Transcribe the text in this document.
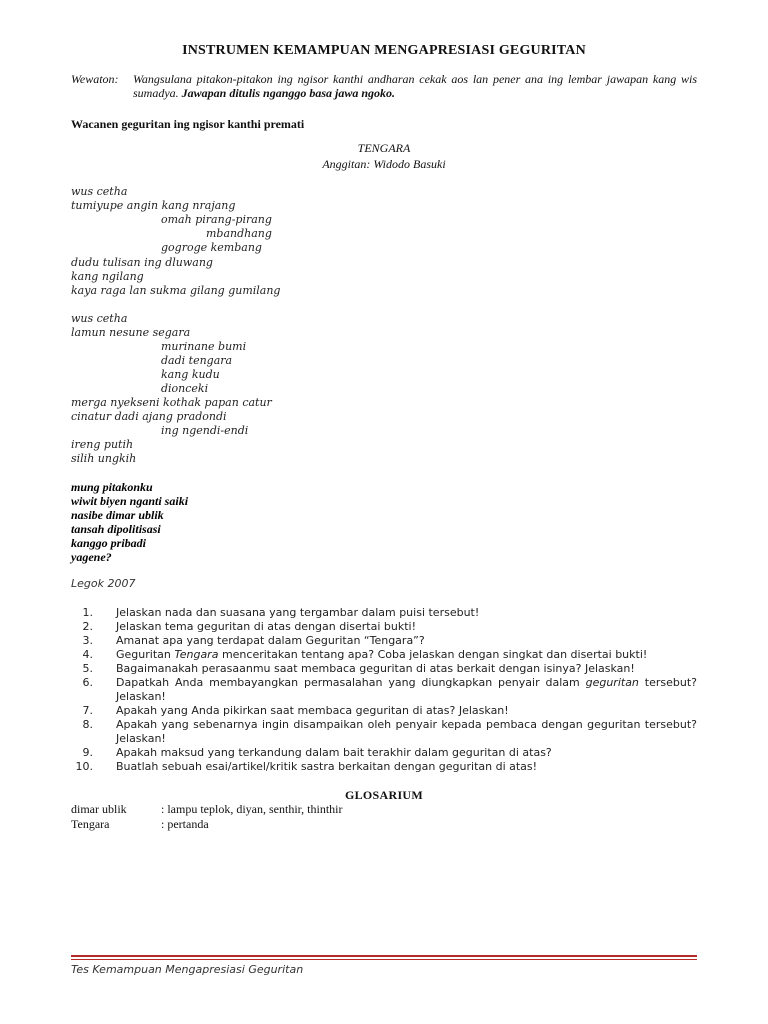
INSTRUMEN KEMAMPUAN MENGAPRESIASI GEGURITAN
Wewaton: Wangsulana pitakon-pitakon ing ngisor kanthi andharan cekak aos lan pener ana ing lembar jawapan kang wis sumadya. Jawapan ditulis nganggo basa jawa ngoko.
Wacanen geguritan ing ngisor kanthi premati
TENGARA
Anggitan: Widodo Basuki
wus cetha
tumiyupe angin kang nrajang
omah pirang-pirang
mbandhang
gogroge kembang
dudu tulisan ing dluwang
kang ngilang
kaya raga lan sukma gilang gumilang
wus cetha
lamun nesune segara
murinane bumi
dadi tengara
kang kudu
dionceki
merga nyekseni kothak papan catur
cinatur dadi ajang pradondi
ing ngendi-endi
ireng putih
silih ungkih
mung pitakonku
wiwit biyen nganti saiki
nasibe dimar ublik
tansah dipolitisasi
kanggo pribadi
yagene?
Legok 2007
1. Jelaskan nada dan suasana yang tergambar dalam puisi tersebut!
2. Jelaskan tema geguritan di atas dengan disertai bukti!
3. Amanat apa yang terdapat dalam Geguritan “Tengara”?
4. Geguritan Tengara menceritakan tentang apa? Coba jelaskan dengan singkat dan disertai bukti!
5. Bagaimanakah perasaanmu saat membaca geguritan di atas berkait dengan isinya? Jelaskan!
6. Dapatkah Anda membayangkan permasalahan yang diungkapkan penyair dalam geguritan tersebut? Jelaskan!
7. Apakah yang Anda pikirkan saat membaca geguritan di atas? Jelaskan!
8. Apakah yang sebenarnya ingin disampaikan oleh penyair kepada pembaca dengan geguritan tersebut? Jelaskan!
9. Apakah maksud yang terkandung dalam bait terakhir dalam geguritan di atas?
10. Buatlah sebuah esai/artikel/kritik sastra berkaitan dengan geguritan di atas!
GLOSARIUM
dimar ublik	: lampu teplok, diyan, senthir, thinthir
Tengara	: pertanda
Tes Kemampuan Mengapresiasi Geguritan
